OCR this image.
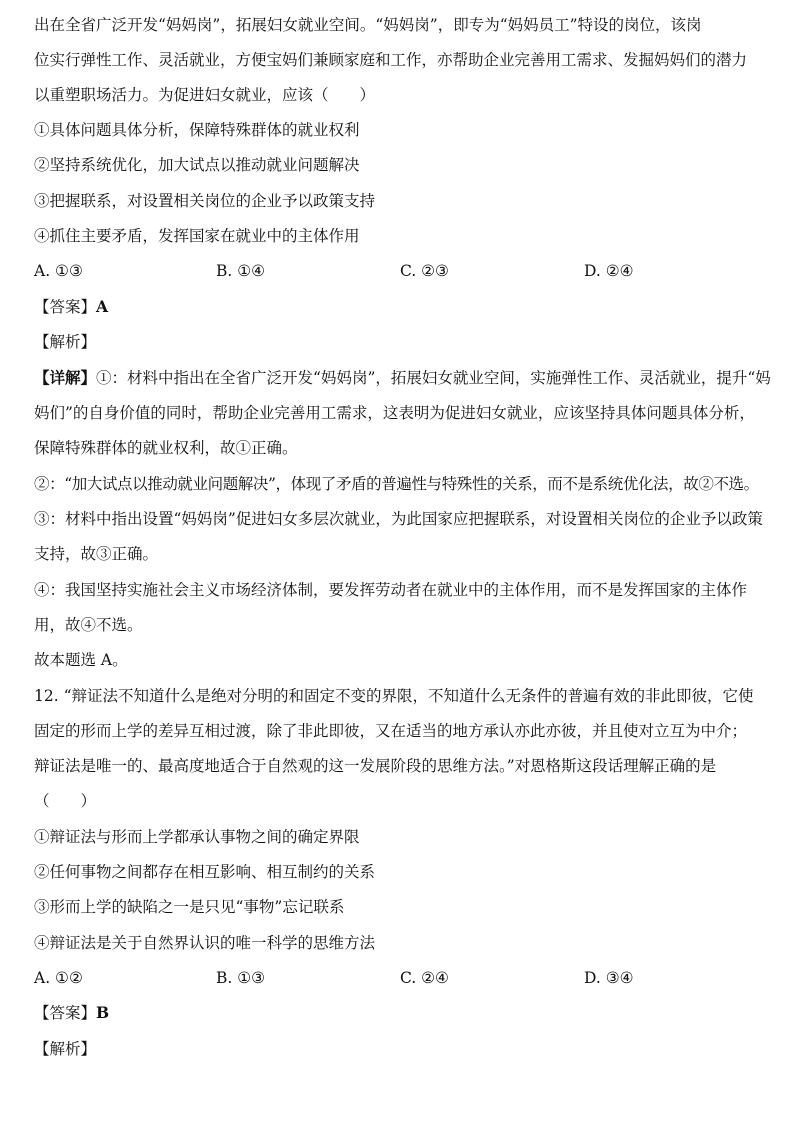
出在全省广泛开发“妈妈岗”，拓展妇女就业空间。“妈妈岗”，即专为“妈妈员工”特设的岗位，该岗
位实行弹性工作、灵活就业，方便宝妈们兼顾家庭和工作，亦帮助企业完善用工需求、发掘妈妈们的潜力
以重塑职场活力。为促进妇女就业，应该（　　）
①具体问题具体分析，保障特殊群体的就业权利
②坚持系统优化，加大试点以推动就业问题解决
③把握联系，对设置相关岗位的企业予以政策支持
④抓住主要矛盾，发挥国家在就业中的主体作用
A. ①③	B. ①④	C. ②③	D. ②④
【答案】A
【解析】
【详解】①：材料中指出在全省广泛开发“妈妈岗”，拓展妇女就业空间，实施弹性工作、灵活就业，提升“妈
妈们”的自身价值的同时，帮助企业完善用工需求，这表明为促进妇女就业，应该坚持具体问题具体分析，
保障特殊群体的就业权利，故①正确。
②：“加大试点以推动就业问题解决”，体现了矛盾的普遍性与特殊性的关系，而不是系统优化法，故②不选。
③：材料中指出设置“妈妈岗”促进妇女多层次就业，为此国家应把握联系，对设置相关岗位的企业予以政策
支持，故③正确。
④：我国坚持实施社会主义市场经济体制，要发挥劳动者在就业中的主体作用，而不是发挥国家的主体作
用，故④不选。
故本题选 A。
12. “辩证法不知道什么是绝对分明的和固定不变的界限，不知道什么无条件的普遍有效的非此即彼，它使
固定的形而上学的差异互相过渡，除了非此即彼，又在适当的地方承认亦此亦彼，并且使对立互为中介；
辩证法是唯一的、最高度地适合于自然观的这一发展阶段的思维方法。”对恩格斯这段话理解正确的是
（　　）
①辩证法与形而上学都承认事物之间的确定界限
②任何事物之间都存在相互影响、相互制约的关系
③形而上学的缺陷之一是只见“事物”忘记联系
④辩证法是关于自然界认识的唯一科学的思维方法
A. ①②	B. ①③	C. ②④	D. ③④
【答案】B
【解析】
